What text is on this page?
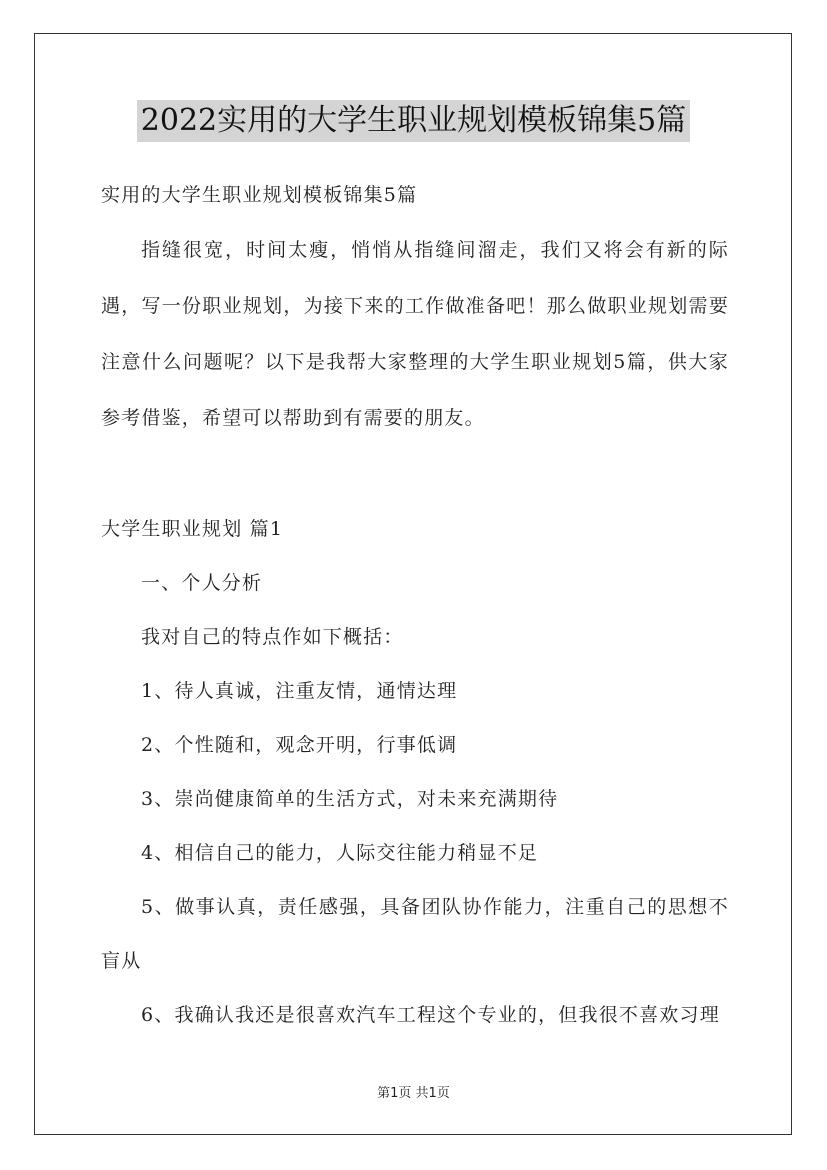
2022实用的大学生职业规划模板锦集5篇

实用的大学生职业规划模板锦集5篇

指缝很宽，时间太瘦，悄悄从指缝间溜走，我们又将会有新的际遇，写一份职业规划，为接下来的工作做准备吧！那么做职业规划需要注意什么问题呢？以下是我帮大家整理的大学生职业规划5篇，供大家参考借鉴，希望可以帮助到有需要的朋友。

大学生职业规划 篇1

一、个人分析

我对自己的特点作如下概括：

1、待人真诚，注重友情，通情达理

2、个性随和，观念开明，行事低调

3、崇尚健康简单的生活方式，对未来充满期待

4、相信自己的能力，人际交往能力稍显不足

5、做事认真，责任感强，具备团队协作能力，注重自己的思想不盲从

6、我确认我还是很喜欢汽车工程这个专业的，但我很不喜欢习理

第1页 共1页
